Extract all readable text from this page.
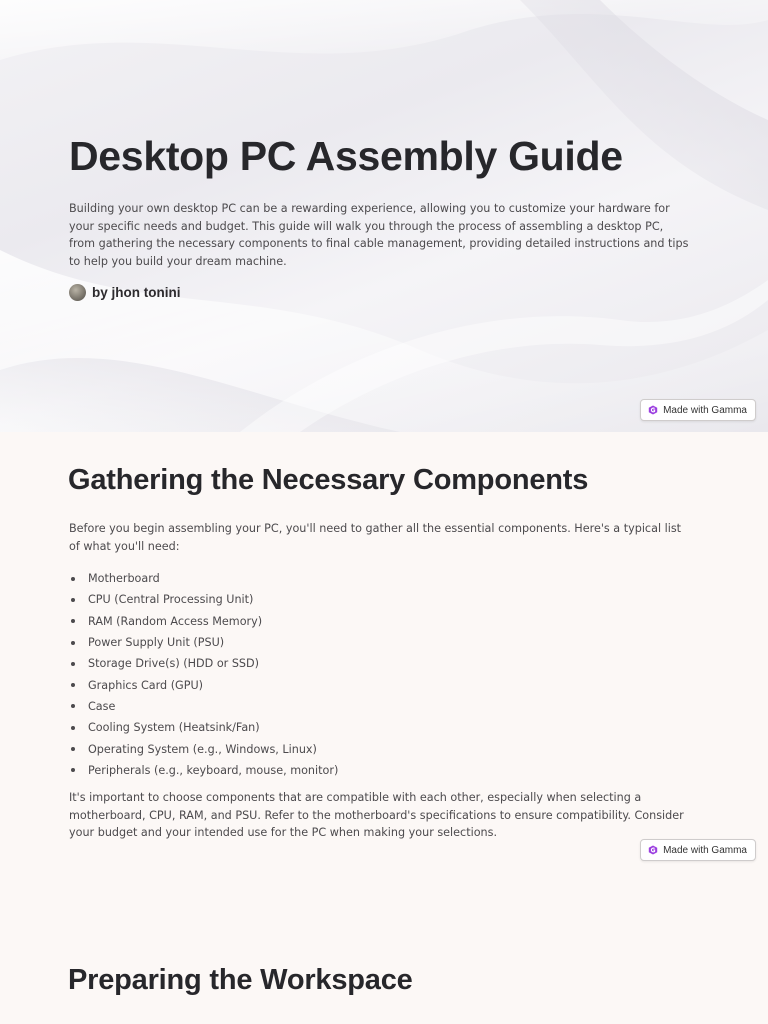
Desktop PC Assembly Guide

Building your own desktop PC can be a rewarding experience, allowing you to customize your hardware for your specific needs and budget. This guide will walk you through the process of assembling a desktop PC, from gathering the necessary components to final cable management, providing detailed instructions and tips to help you build your dream machine.

by jhon tonini
Made with Gamma
Gathering the Necessary Components

Before you begin assembling your PC, you'll need to gather all the essential components. Here's a typical list of what you'll need:

Motherboard
CPU (Central Processing Unit)
RAM (Random Access Memory)
Power Supply Unit (PSU)
Storage Drive(s) (HDD or SSD)
Graphics Card (GPU)
Case
Cooling System (Heatsink/Fan)
Operating System (e.g., Windows, Linux)
Peripherals (e.g., keyboard, mouse, monitor)

It's important to choose components that are compatible with each other, especially when selecting a motherboard, CPU, RAM, and PSU. Refer to the motherboard's specifications to ensure compatibility. Consider your budget and your intended use for the PC when making your selections.

Made with Gamma
Preparing the Workspace
